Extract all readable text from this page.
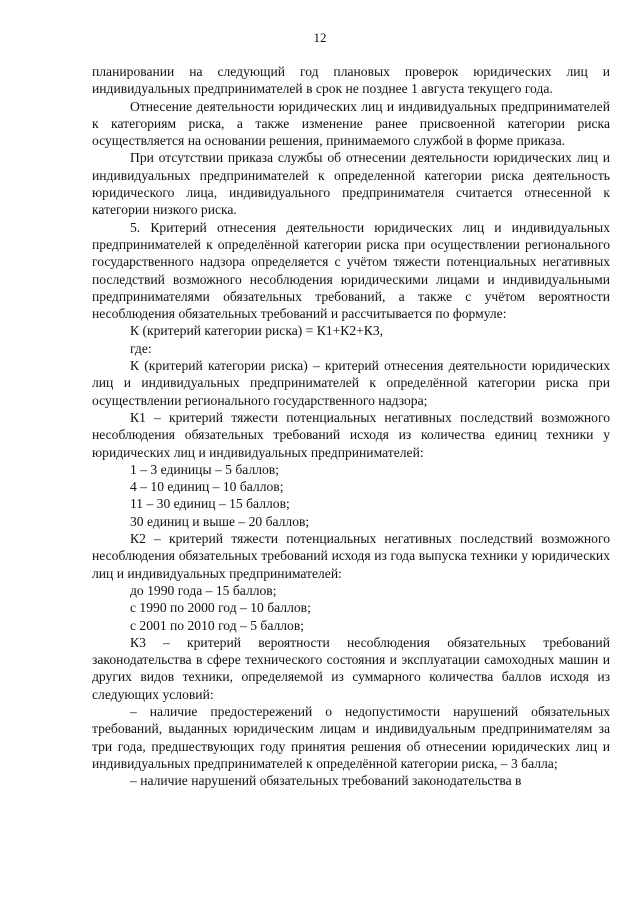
12

планировании на следующий год плановых проверок юридических лиц и индивидуальных предпринимателей в срок не позднее 1 августа текущего года.

Отнесение деятельности юридических лиц и индивидуальных предпринимателей к категориям риска, а также изменение ранее присвоенной категории риска осуществляется на основании решения, принимаемого службой в форме приказа.

При отсутствии приказа службы об отнесении деятельности юридических лиц и индивидуальных предпринимателей к определенной категории риска деятельность юридического лица, индивидуального предпринимателя считается отнесенной к категории низкого риска.

5. Критерий отнесения деятельности юридических лиц и индивидуальных предпринимателей к определённой категории риска при осуществлении регионального государственного надзора определяется с учётом тяжести потенциальных негативных последствий возможного несоблюдения юридическими лицами и индивидуальными предпринимателями обязательных требований, а также с учётом вероятности несоблюдения обязательных требований и рассчитывается по формуле:

К (критерий категории риска) = К1+К2+К3,

где:

К (критерий категории риска) – критерий отнесения деятельности юридических лиц и индивидуальных предпринимателей к определённой категории риска при осуществлении регионального государственного надзора;

К1 – критерий тяжести потенциальных негативных последствий возможного несоблюдения обязательных требований исходя из количества единиц техники у юридических лиц и индивидуальных предпринимателей:

1 – 3 единицы – 5 баллов;

4 – 10 единиц – 10 баллов;

11 – 30 единиц – 15 баллов;

30 единиц и выше – 20 баллов;

К2 – критерий тяжести потенциальных негативных последствий возможного несоблюдения обязательных требований исходя из года выпуска техники у юридических лиц и индивидуальных предпринимателей:

до 1990 года – 15 баллов;

с 1990 по 2000 год – 10 баллов;

с 2001 по 2010 год – 5 баллов;

К3 – критерий вероятности несоблюдения обязательных требований законодательства в сфере технического состояния и эксплуатации самоходных машин и других видов техники, определяемой из суммарного количества баллов исходя из следующих условий:

– наличие предостережений о недопустимости нарушений обязательных требований, выданных юридическим лицам и индивидуальным предпринимателям за три года, предшествующих году принятия решения об отнесении юридических лиц и индивидуальных предпринимателей к определённой категории риска, – 3 балла;

– наличие нарушений обязательных требований законодательства в
